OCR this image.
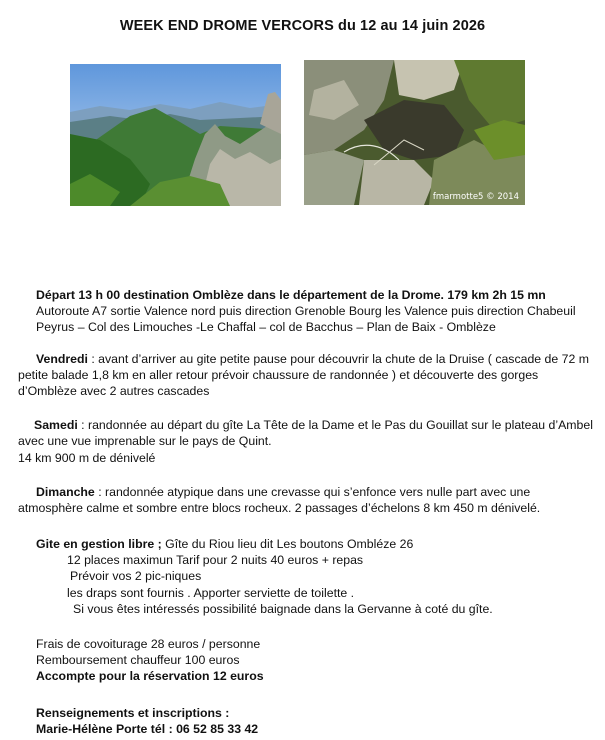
WEEK END DROME VERCORS du 12 au 14 juin 2026
fmarmotte5 © 2014
Départ 13 h 00 destination Omblèze dans le département de la Drome. 179 km 2h 15 mn
Autoroute A7 sortie Valence nord puis direction Grenoble Bourg les Valence puis direction Chabeuil
Peyrus – Col des Limouches -Le Chaffal – col de Bacchus – Plan de Baix - Omblèze
Vendredi : avant d’arriver au gite petite pause pour découvrir la chute de la Druise ( cascade de 72 m
petite balade 1,8 km en aller retour prévoir chaussure de randonnée ) et découverte des gorges
d’Omblèze avec 2 autres cascades
Samedi : randonnée au départ du gîte La Tête de la Dame et le Pas du Gouillat sur le plateau d’Ambel
avec une vue imprenable sur le pays de Quint.
14 km 900 m de dénivelé
Dimanche : randonnée atypique dans une crevasse qui s’enfonce vers nulle part avec une
atmosphère calme et sombre entre blocs rocheux. 2 passages d’échelons 8 km 450 m dénivelé.
Gite en gestion libre ; Gîte du Riou lieu dit Les boutons Ombléze 26
12 places maximun Tarif pour 2 nuits 40 euros + repas
Prévoir vos 2 pic-niques
les draps sont fournis . Apporter serviette de toilette .
Si vous êtes intéressés possibilité baignade dans la Gervanne à coté du gîte.
Frais de covoiturage 28 euros / personne
Remboursement chauffeur 100 euros
Accompte pour la réservation 12 euros
Renseignements et inscriptions :
Marie-Hélène Porte tél : 06 52 85 33 42
